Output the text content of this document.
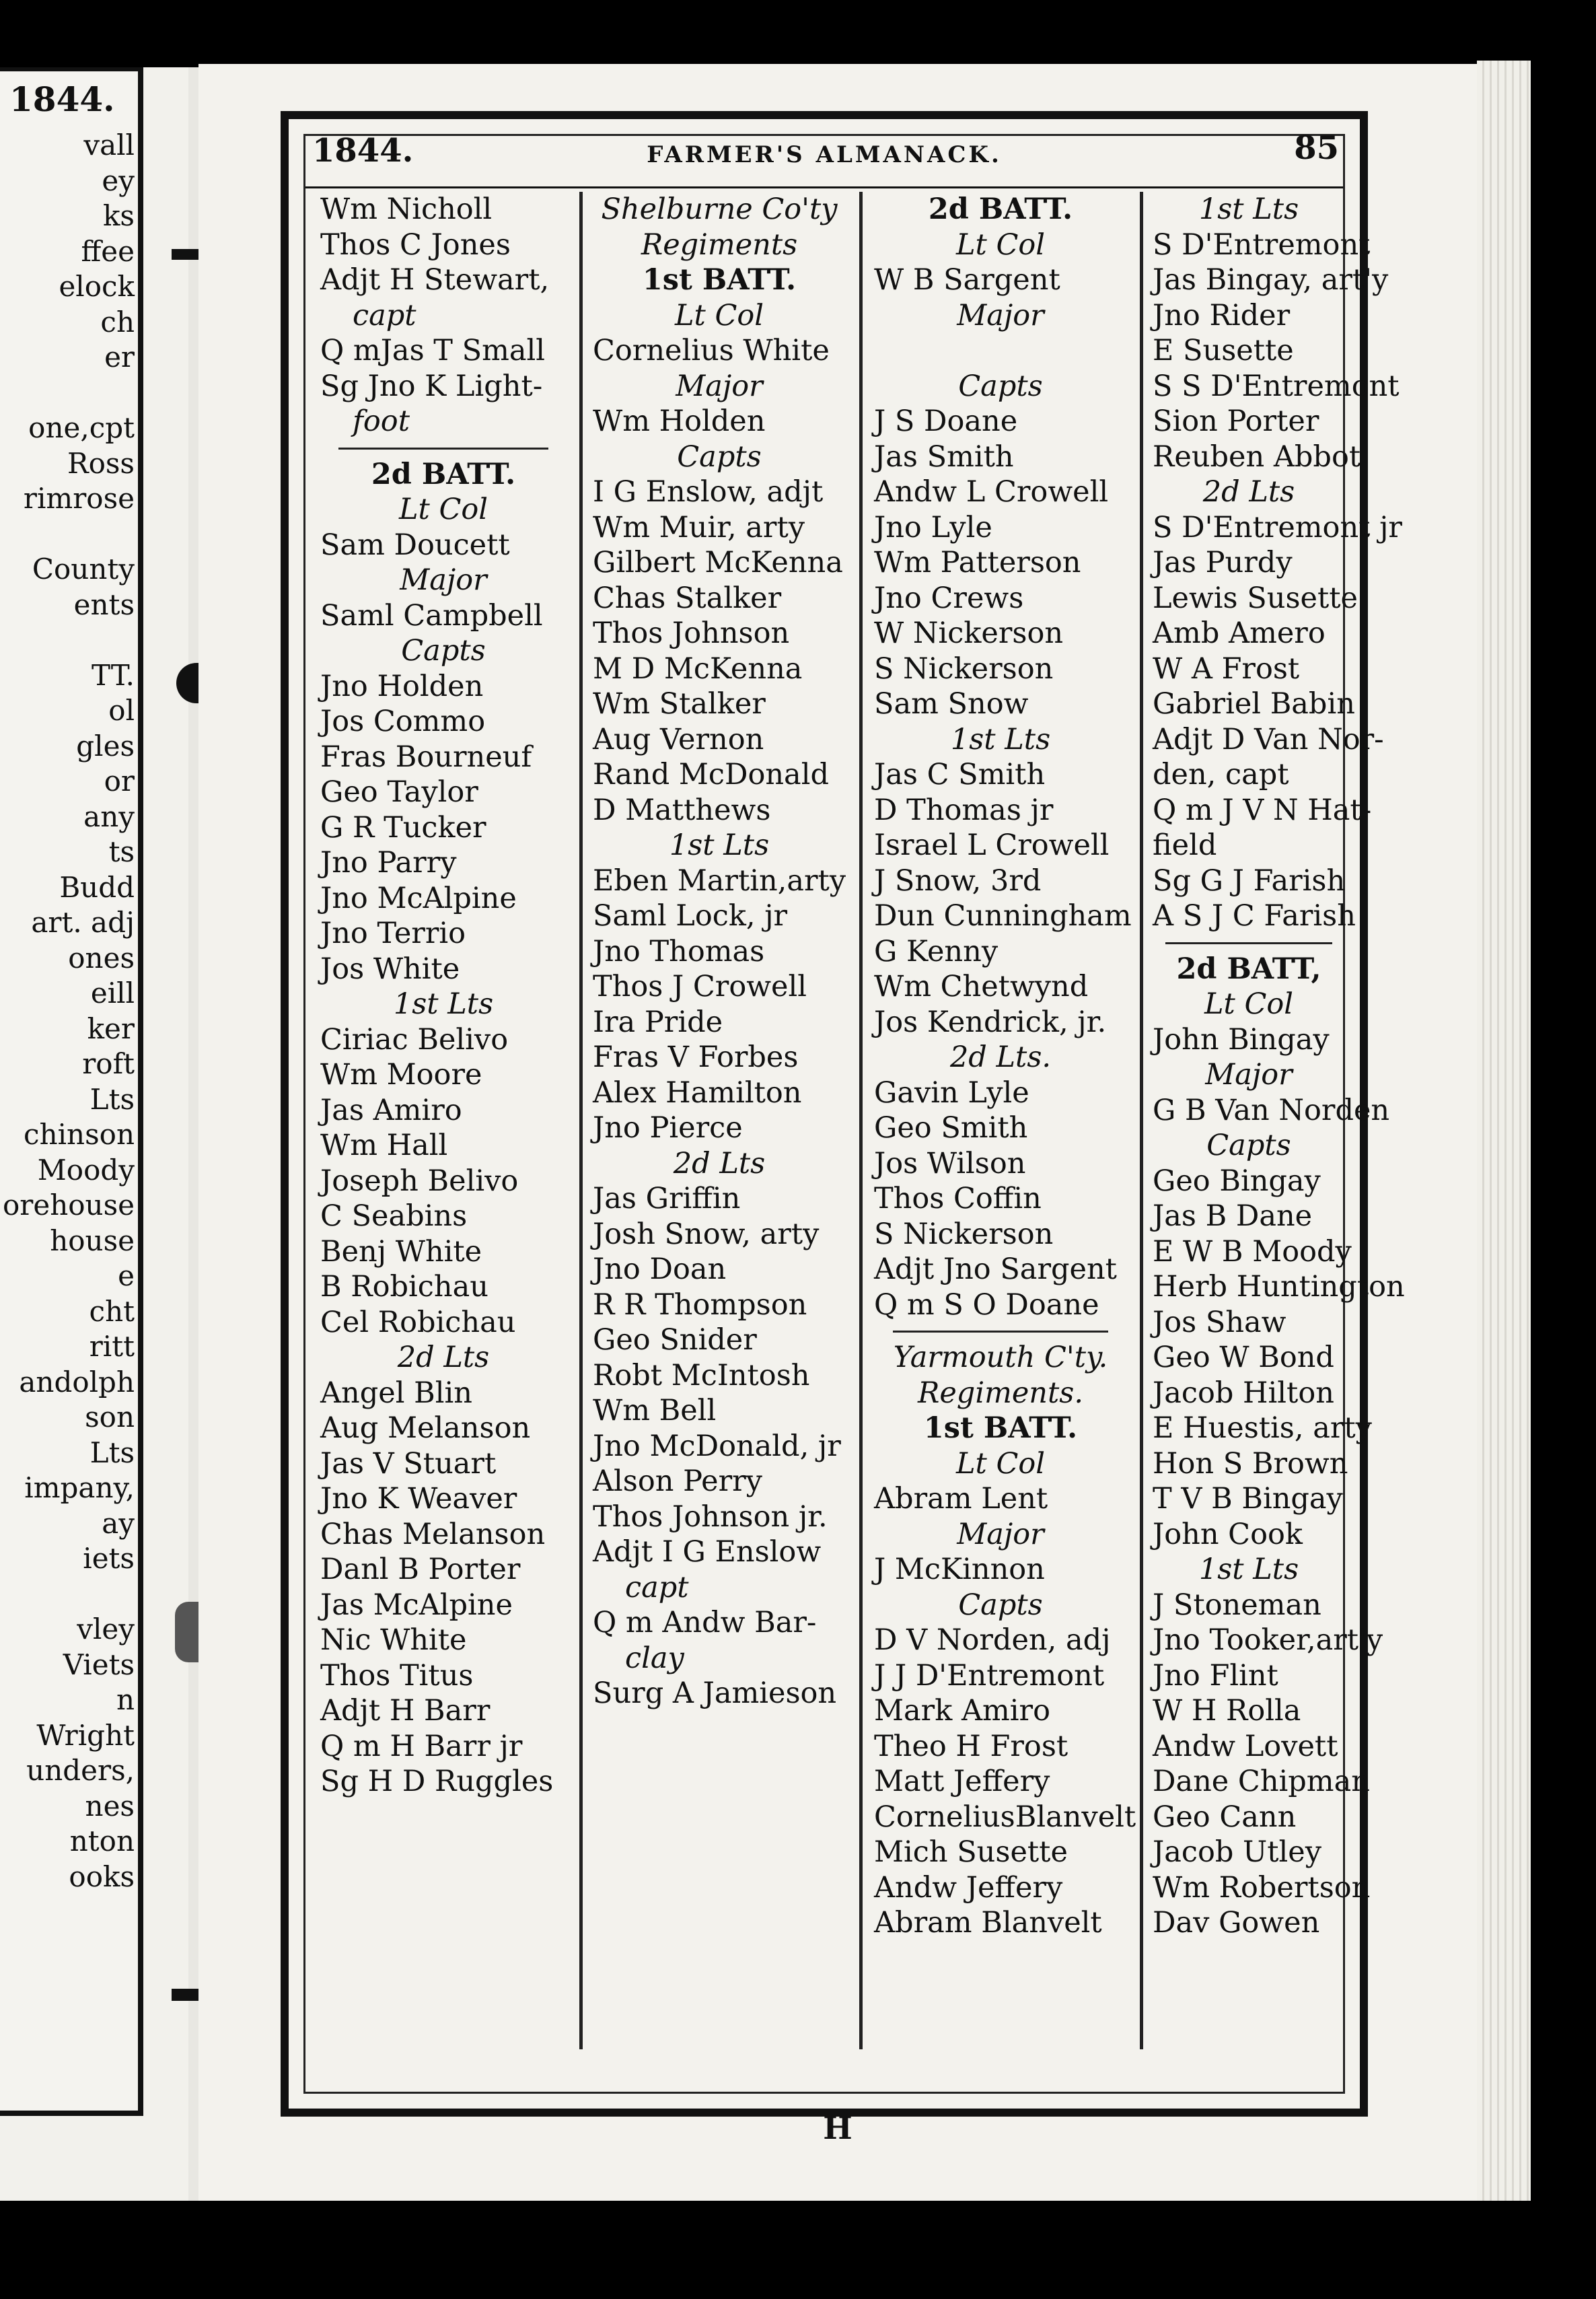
1844.
vall
ey
ks
ffee
elock
ch
er
one,cpt
Ross
rimrose
County
ents
TT.
ol
gles
or
any
ts
Budd
art. adj
ones
eill
ker
roft
Lts
chinson
Moody
orehouse
house
e
cht
ritt
andolph
son
Lts
impany,
ay
iets
vley
Viets
n
Wright
unders,
nes
nton
ooks
1844.	FARMER'S ALMANACK.	85
Wm Nicholl
Thos C Jones
Adjt H Stewart,
capt
Q mJas T Small
Sg Jno K Light-
foot
2d BATT.
Lt Col
Sam Doucett
Major
Saml Campbell
Capts
Jno Holden
Jos Commo
Fras Bourneuf
Geo Taylor
G R Tucker
Jno Parry
Jno McAlpine
Jno Terrio
Jos White
1st Lts
Ciriac Belivo
Wm Moore
Jas Amiro
Wm Hall
Joseph Belivo
C Seabins
Benj White
B Robichau
Cel Robichau
2d Lts
Angel Blin
Aug Melanson
Jas V Stuart
Jno K Weaver
Chas Melanson
Danl B Porter
Jas McAlpine
Nic White
Thos Titus
Adjt H Barr
Q m H Barr jr
Sg H D Ruggles
Shelburne Co'ty
Regiments
1st BATT.
Lt Col
Cornelius White
Major
Wm Holden
Capts
I G Enslow, adjt
Wm Muir, arty
Gilbert McKenna
Chas Stalker
Thos Johnson
M D McKenna
Wm Stalker
Aug Vernon
Rand McDonald
D Matthews
1st Lts
Eben Martin,arty
Saml Lock, jr
Jno Thomas
Thos J Crowell
Ira Pride
Fras V Forbes
Alex Hamilton
Jno Pierce
2d Lts
Jas Griffin
Josh Snow, arty
Jno Doan
R R Thompson
Geo Snider
Robt McIntosh
Wm Bell
Jno McDonald, jr
Alson Perry
Thos Johnson jr.
Adjt I G Enslow
capt
Q m Andw Bar-
clay
Surg A Jamieson
2d BATT.
Lt Col
W B Sargent
Major
Capts
J S Doane
Jas Smith
Andw L Crowell
Jno Lyle
Wm Patterson
Jno Crews
W Nickerson
S Nickerson
Sam Snow
1st Lts
Jas C Smith
D Thomas jr
Israel L Crowell
J Snow, 3rd
Dun Cunningham
G Kenny
Wm Chetwynd
Jos Kendrick, jr.
2d Lts.
Gavin Lyle
Geo Smith
Jos Wilson
Thos Coffin
S Nickerson
Adjt Jno Sargent
Q m S O Doane
Yarmouth C'ty.
Regiments.
1st BATT.
Lt Col
Abram Lent
Major
J McKinnon
Capts
D V Norden, adj
J J D'Entremont
Mark Amiro
Theo H Frost
Matt Jeffery
CorneliusBlanvelt
Mich Susette
Andw Jeffery
Abram Blanvelt
1st Lts
S D'Entremont
Jas Bingay, art'y
Jno Rider
E Susette
S S D'Entremont
Sion Porter
Reuben Abbot
2d Lts
S D'Entremont jr
Jas Purdy
Lewis Susette
Amb Amero
W A Frost
Gabriel Babin
Adjt D Van Nor-
den, capt
Q m J V N Hat-
field
Sg G J Farish
A S J C Farish
2d BATT,
Lt Col
John Bingay
Major
G B Van Norden
Capts
Geo Bingay
Jas B Dane
E W B Moody
Herb Huntington
Jos Shaw
Geo W Bond
Jacob Hilton
E Huestis, arty
Hon S Brown
T V B Bingay
John Cook
1st Lts
J Stoneman
Jno Tooker,art'y
Jno Flint
W H Rolla
Andw Lovett
Dane Chipman
Geo Cann
Jacob Utley
Wm Robertson
Dav Gowen
H
